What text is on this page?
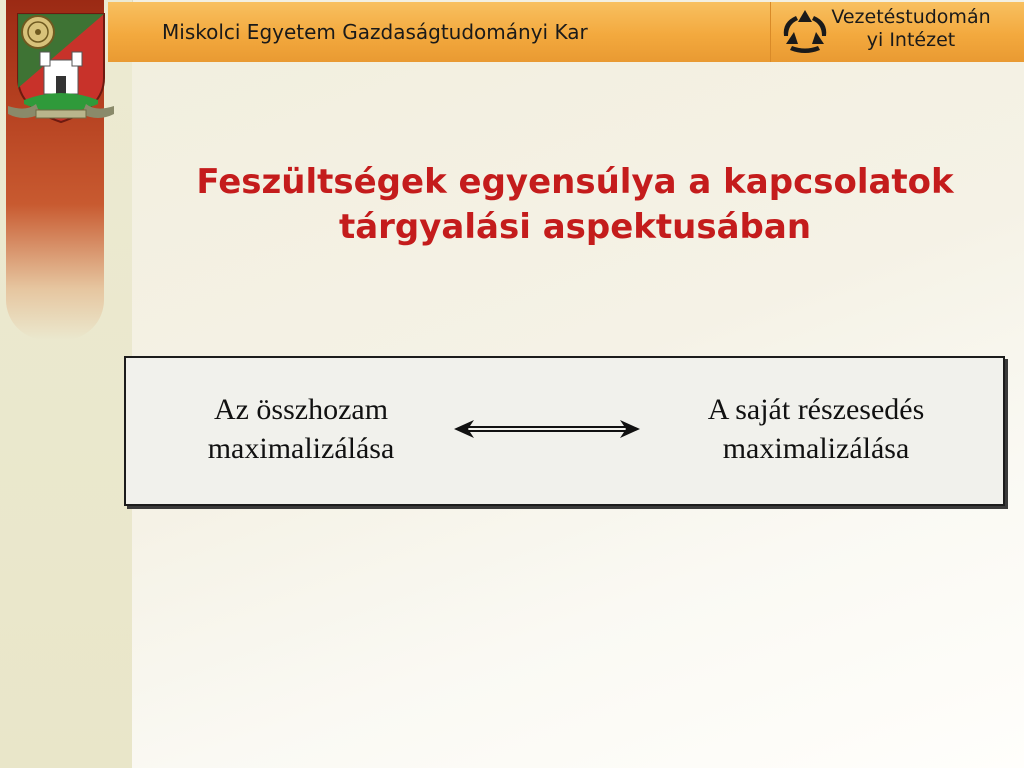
Miskolci Egyetem Gazdaságtudományi Kar
Vezetéstudomán
yi Intézet
Feszültségek egyensúlya a kapcsolatok
tárgyalási aspektusában
Az összhozam
maximalizálása
A saját részesedés
maximalizálása
